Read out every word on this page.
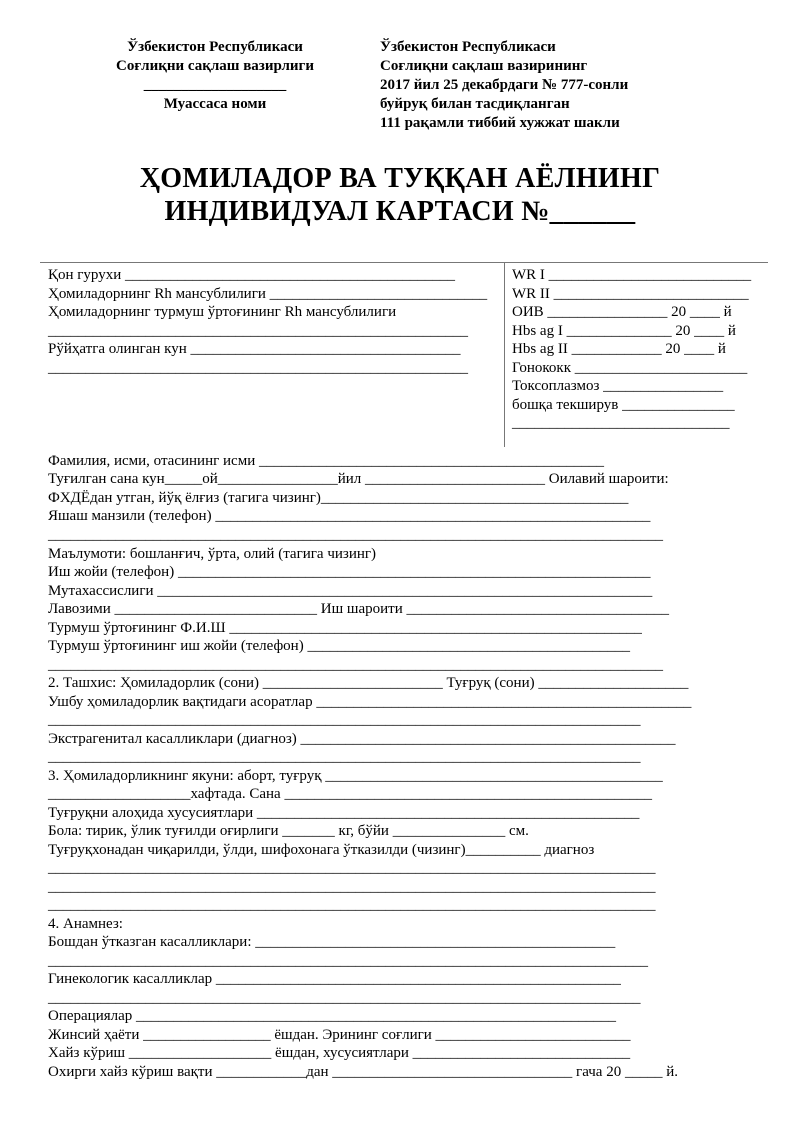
Ўзбекистон Республикаси
Соғлиқни сақлаш вазирлиги
___________________
Муассаса номи
Ўзбекистон Республикаси
Соғлиқни сақлаш вазирининг
2017 йил 25 декабрдаги № 777-сонли
буйруқ билан тасдиқланган
111 рақамли тиббий хужжат шакли
ҲОМИЛАДОР ВА ТУҚҚАН АЁЛНИНГ
ИНДИВИДУАЛ КАРТАСИ №______
Қон гурухи ____________________________________________
Ҳомиладорнинг Rh мансублилиги _____________________________
Ҳомиладорнинг турмуш ўртоғининг Rh мансублилиги
________________________________________________________
Рўйҳатга олинган кун ____________________________________
________________________________________________________
WR I ___________________________
WR II __________________________
ОИВ ________________ 20 ____ й
Hbs ag I ______________ 20 ____ й
Hbs ag II ____________ 20 ____ й
Гонококк _______________________
Токсоплазмоз ________________
бошқа текширув _______________
_____________________________
Фамилия, исми, отасининг исми ______________________________________________
Туғилган сана кун_____ой________________йил ________________________ Оилавий шароити:
ФХДЁдан утган, йўқ ёлғиз (тагига чизинг)_________________________________________
Яшаш манзили (телефон) __________________________________________________________
__________________________________________________________________________________
Маълумоти: бошланғич, ўрта, олий (тагига чизинг)
Иш жойи (телефон) _______________________________________________________________
Мутахассислиги __________________________________________________________________
Лавозими ___________________________ Иш шароити ___________________________________
Турмуш ўртоғининг Ф.И.Ш _______________________________________________________
Турмуш ўртоғининг иш жойи (телефон) ___________________________________________
__________________________________________________________________________________
2. Ташхис: Ҳомиладорлик (сони) ________________________ Туғруқ (сони) ____________________
Ушбу ҳомиладорлик вақтидаги асоратлар __________________________________________________
_______________________________________________________________________________
Экстрагенитал касалликлари (диагноз) __________________________________________________
_______________________________________________________________________________
3. Ҳомиладорликнинг якуни: аборт, туғруқ _____________________________________________
___________________хафтада. Сана _________________________________________________
Туғруқни алоҳида хусусиятлари ___________________________________________________
Бола: тирик, ўлик туғилди оғирлиги _______ кг, бўйи _______________ см.
Туғруқхонадан чиқарилди, ўлди, шифохонага ўтказилди (чизинг)__________ диагноз
_________________________________________________________________________________
_________________________________________________________________________________
_________________________________________________________________________________
4. Анамнез:
Бошдан ўтказган касалликлари: ________________________________________________
________________________________________________________________________________
Гинекологик касалликлар ______________________________________________________
_______________________________________________________________________________
Операциялар ________________________________________________________________
Жинсий ҳаёти _________________ ёшдан. Эрининг соғлиги __________________________
Хайз кўриш ___________________ ёшдан, хусусиятлари _____________________________
Охирги хайз кўриш вақти ____________дан ________________________________ гача 20 _____ й.
